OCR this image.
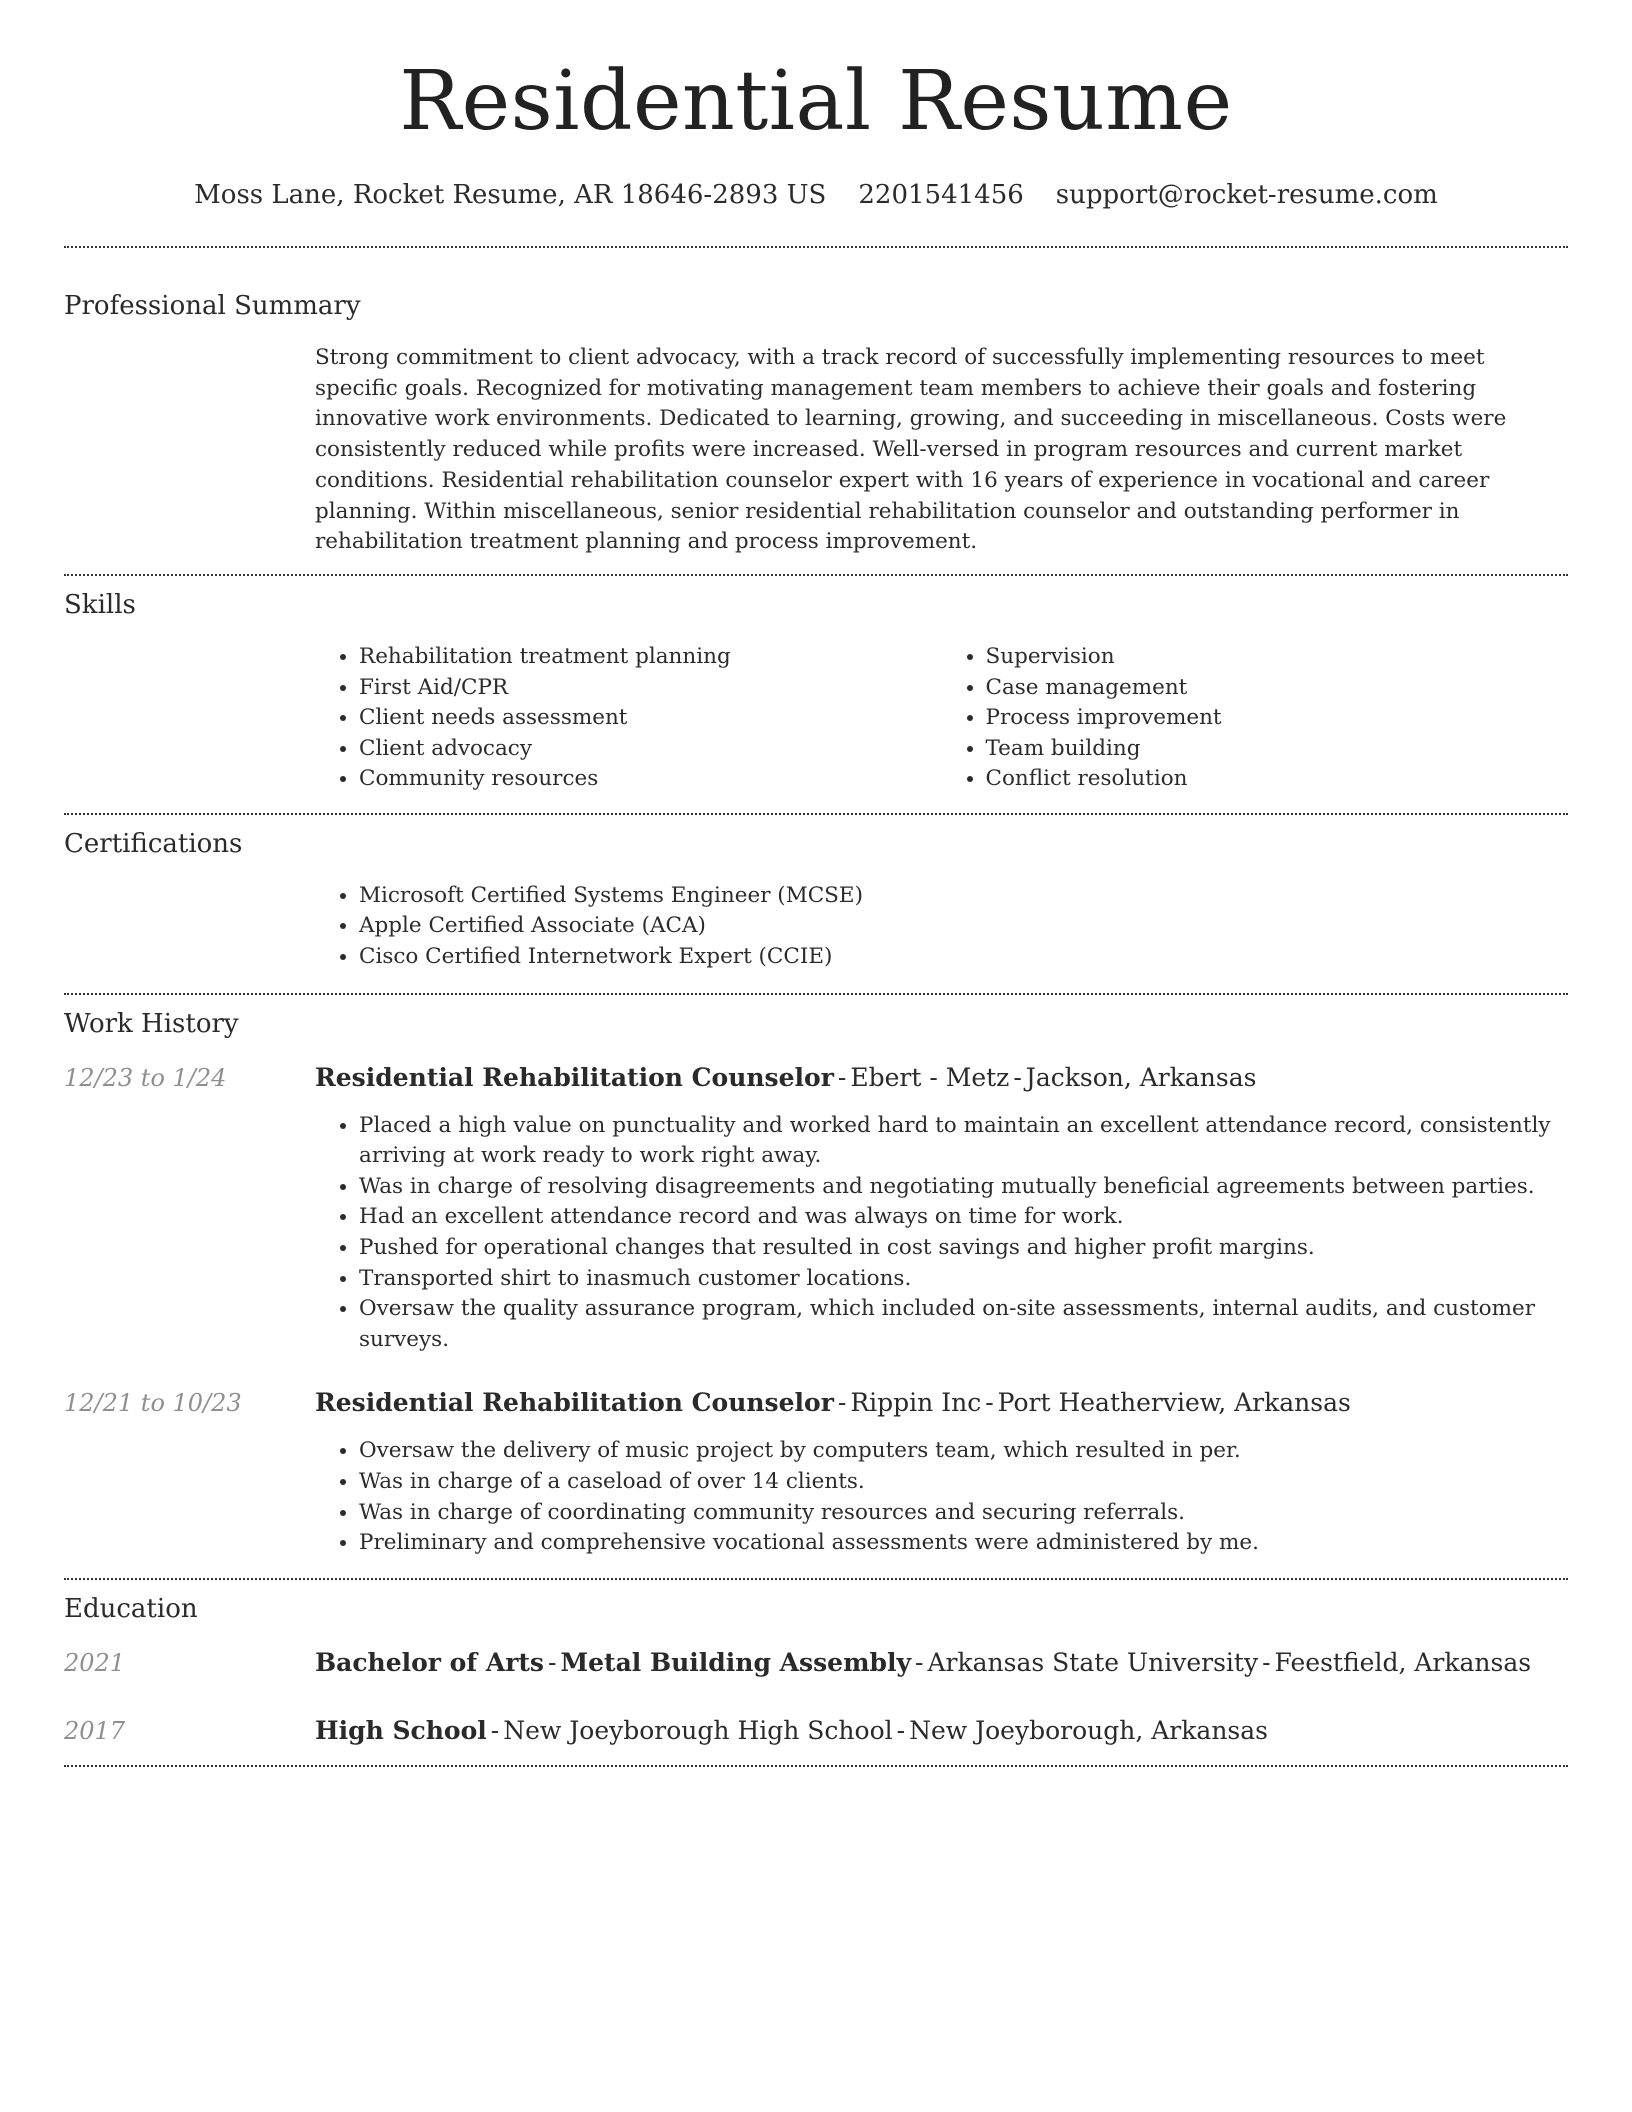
Residential Resume
Moss Lane, Rocket Resume, AR 18646-2893 US 2201541456 support@rocket-resume.com
Professional Summary

Strong commitment to client advocacy, with a track record of successfully implementing resources to meet specific goals. Recognized for motivating management team members to achieve their goals and fostering innovative work environments. Dedicated to learning, growing, and succeeding in miscellaneous. Costs were consistently reduced while profits were increased. Well-versed in program resources and current market conditions. Residential rehabilitation counselor expert with 16 years of experience in vocational and career planning. Within miscellaneous, senior residential rehabilitation counselor and outstanding performer in rehabilitation treatment planning and process improvement.

Skills
• Rehabilitation treatment planning
• First Aid/CPR
• Client needs assessment
• Client advocacy
• Community resources
• Supervision
• Case management
• Process improvement
• Team building
• Conflict resolution
Certifications
• Microsoft Certified Systems Engineer (MCSE)
• Apple Certified Associate (ACA)
• Cisco Certified Internetwork Expert (CCIE)
Work History
12/23 to 1/24	Residential Rehabilitation Counselor - Ebert - Metz - Jackson, Arkansas
• Placed a high value on punctuality and worked hard to maintain an excellent attendance record, consistently arriving at work ready to work right away.
• Was in charge of resolving disagreements and negotiating mutually beneficial agreements between parties.
• Had an excellent attendance record and was always on time for work.
• Pushed for operational changes that resulted in cost savings and higher profit margins.
• Transported shirt to inasmuch customer locations.
• Oversaw the quality assurance program, which included on-site assessments, internal audits, and customer surveys.
12/21 to 10/23	Residential Rehabilitation Counselor - Rippin Inc - Port Heatherview, Arkansas
• Oversaw the delivery of music project by computers team, which resulted in per.
• Was in charge of a caseload of over 14 clients.
• Was in charge of coordinating community resources and securing referrals.
• Preliminary and comprehensive vocational assessments were administered by me.
Education
2021	Bachelor of Arts - Metal Building Assembly - Arkansas State University - Feestfield, Arkansas
2017	High School - New Joeyborough High School - New Joeyborough, Arkansas
